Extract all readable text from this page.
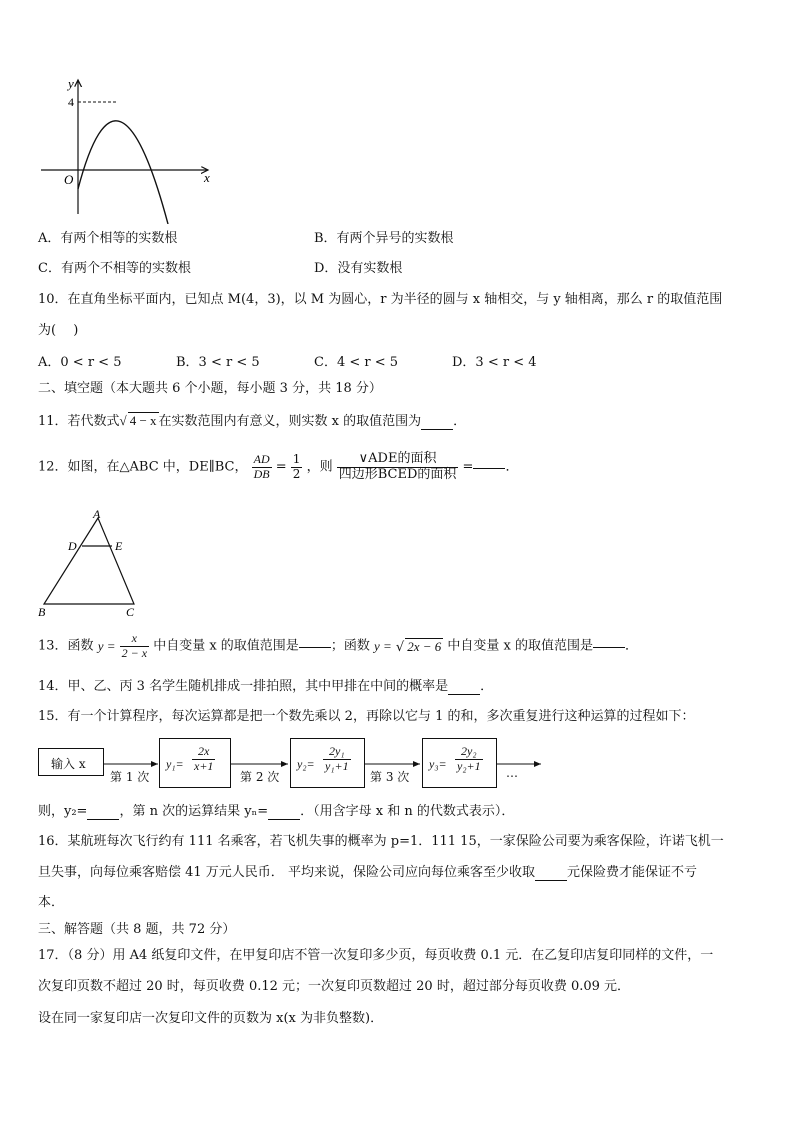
y
x
O
4
A．有两个相等的实数根	B．有两个异号的实数根
C．有两个不相等的实数根	D．没有实数根
10．在直角坐标平面内，已知点 M(4，3)，以 M 为圆心，r 为半径的圆与 x 轴相交，与 y 轴相离，那么 r 的取值范围
为(　 )
A．0 < r < 5	B．3 < r < 5	C．4 < r < 5	D．3 < r < 4
二、填空题（本大题共 6 个小题，每小题 3 分，共 18 分）
11．若代数式√ 4 − x 在实数范围内有意义，则实数 x 的取值范围为 ．
12．如图，在△ABC 中，DE∥BC， $\frac{AD}{DB} = \frac{1}{2}$ ，则 $\frac{\text{∨ADE的面积}}{\text{四边形BCED的面积}}$ = ．
A
D	E
B	C
13．函数 $y = \frac{x}{2 - x}$ 中自变量 x 的取值范围是 ；函数 y = √ 2x − 6 中自变量 x 的取值范围是 ．
14．甲、乙、丙 3 名学生随机排成一排拍照，其中甲排在中间的概率是 ．
15．有一个计算程序，每次运算都是把一个数先乘以 2，再除以它与 1 的和，多次重复进行这种运算的过程如下：
输入 x
第 1 次
$y_1= \frac{2x}{x+1}$
第 2 次
$y_2= \frac{\text{2y₁}}{\text{y₁+1}}$
第 3 次
$y_3= \frac{\text{2y₂}}{\text{y₂+1}}$ …
则，y₂= ，第 n 次的运算结果 yₙ= ．（用含字母 x 和 n 的代数式表示）．
16．某航班每次飞行约有 111 名乘客，若飞机失事的概率为 p=1．111 15，一家保险公司要为乘客保险，许诺飞机一
旦失事，向每位乘客赔偿 41 万元人民币． 平均来说，保险公司应向每位乘客至少收取 元保险费才能保证不亏
本．
三、解答题（共 8 题，共 72 分）
17．（8 分）用 A4 纸复印文件，在甲复印店不管一次复印多少页，每页收费 0.1 元．在乙复印店复印同样的文件，一
次复印页数不超过 20 时，每页收费 0.12 元；一次复印页数超过 20 时，超过部分每页收费 0.09 元．
设在同一家复印店一次复印文件的页数为 x(x 为非负整数)．
